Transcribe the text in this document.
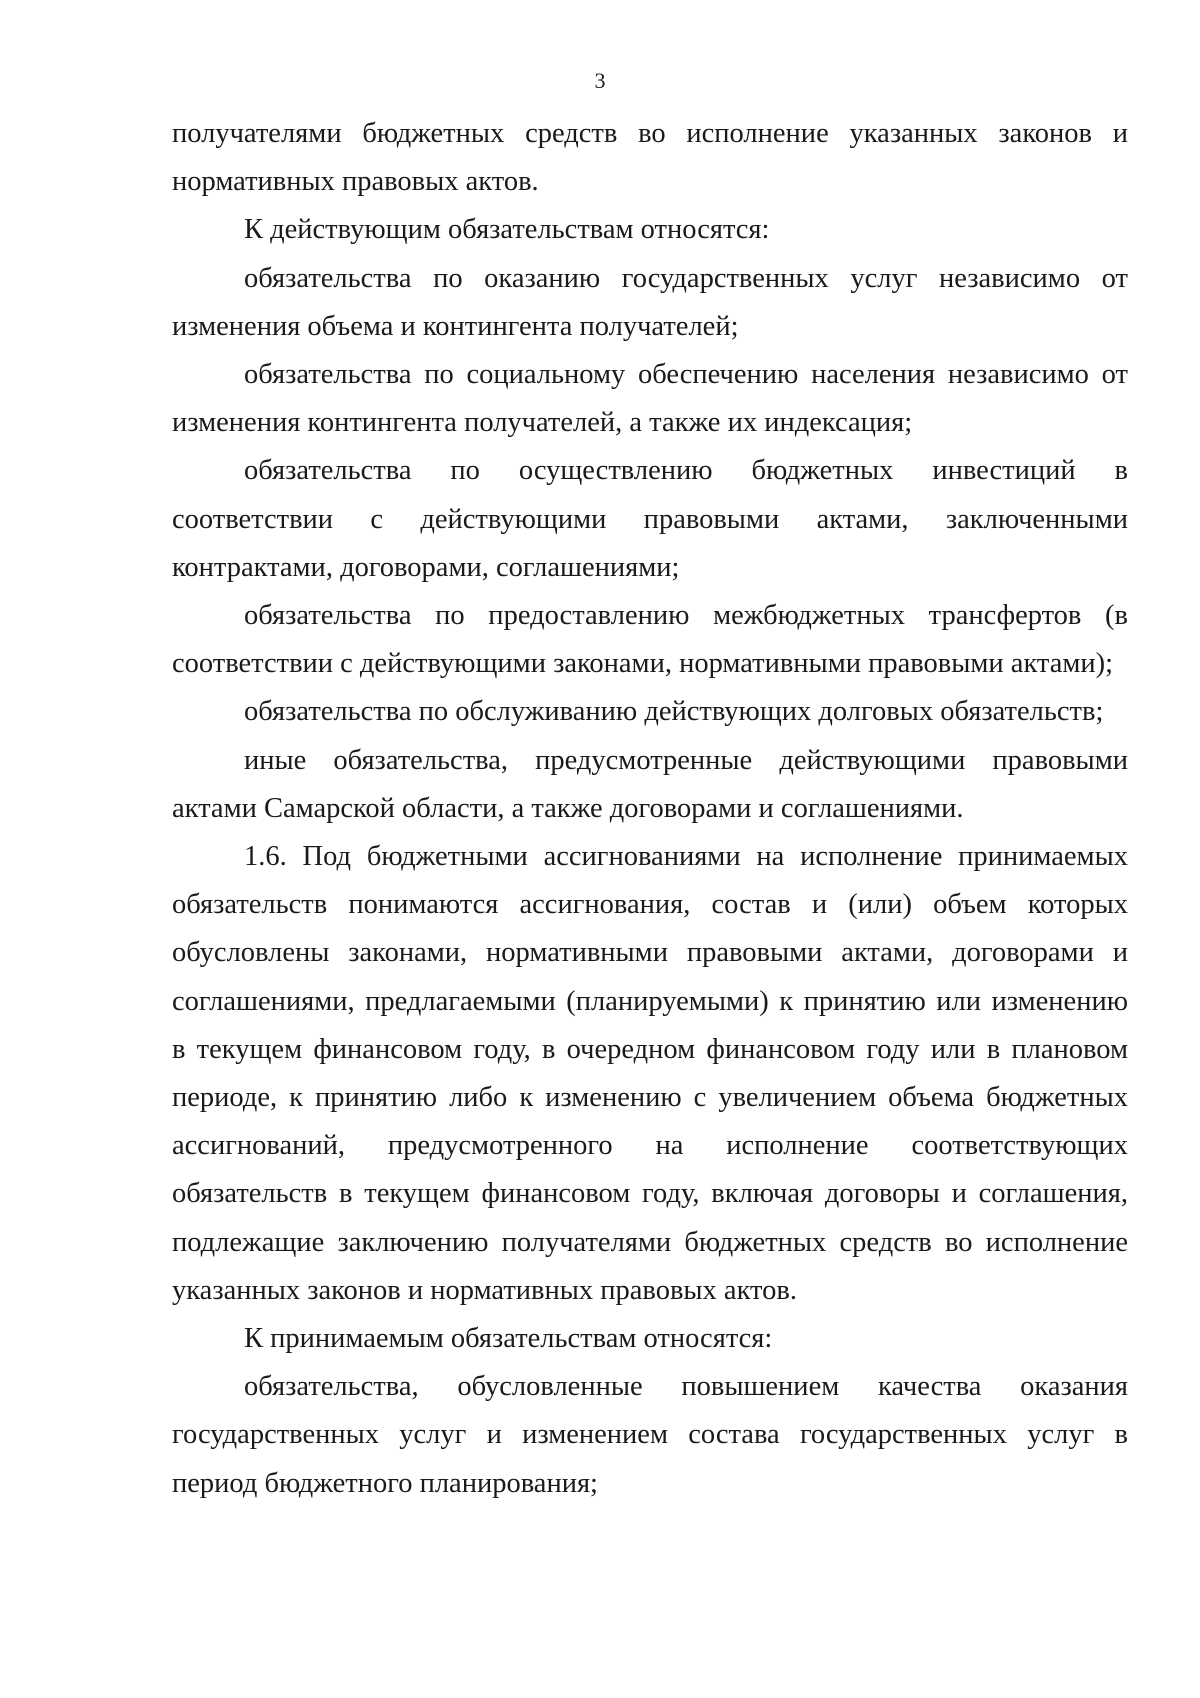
3

получателями бюджетных средств во исполнение указанных законов и нормативных правовых актов.

К действующим обязательствам относятся:

обязательства по оказанию государственных услуг независимо от изменения объема и контингента получателей;

обязательства по социальному обеспечению населения независимо от изменения контингента получателей, а также их индексация;

обязательства по осуществлению бюджетных инвестиций в соответствии с действующими правовыми актами, заключенными контрактами, договорами, соглашениями;

обязательства по предоставлению межбюджетных трансфертов (в соответствии с действующими законами, нормативными правовыми актами);

обязательства по обслуживанию действующих долговых обязательств;

иные обязательства, предусмотренные действующими правовыми актами Самарской области, а также договорами и соглашениями.

1.6. Под бюджетными ассигнованиями на исполнение принимаемых обязательств понимаются ассигнования, состав и (или) объем которых обусловлены законами, нормативными правовыми актами, договорами и соглашениями, предлагаемыми (планируемыми) к принятию или изменению в текущем финансовом году, в очередном финансовом году или в плановом периоде, к принятию либо к изменению с увеличением объема бюджетных ассигнований, предусмотренного на исполнение соответствующих обязательств в текущем финансовом году, включая договоры и соглашения, подлежащие заключению получателями бюджетных средств во исполнение указанных законов и нормативных правовых актов.

К принимаемым обязательствам относятся:

обязательства, обусловленные повышением качества оказания государственных услуг и изменением состава государственных услуг в период бюджетного планирования;
